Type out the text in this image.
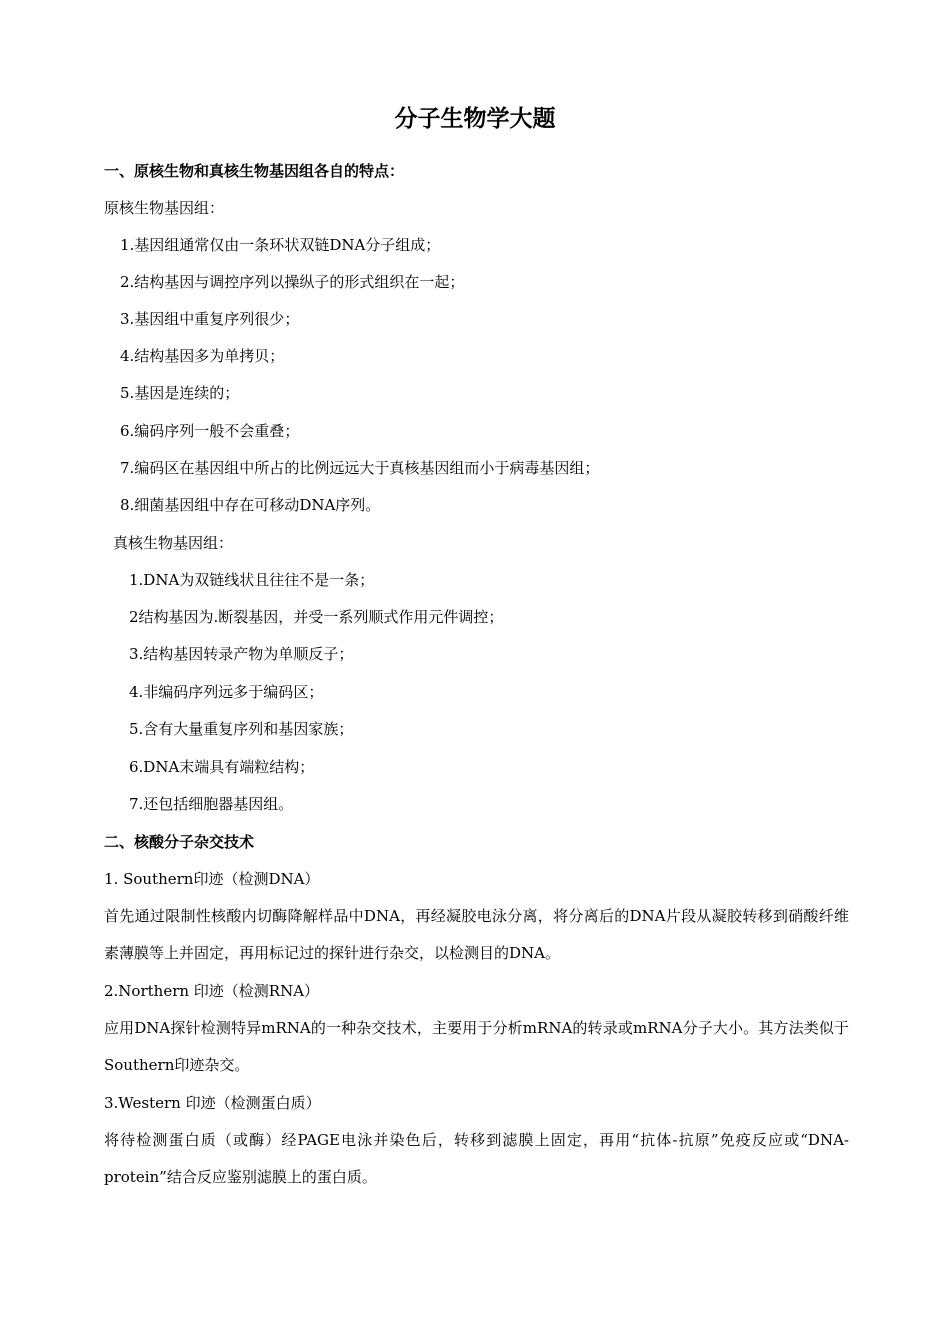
分子生物学大题
一、原核生物和真核生物基因组各自的特点：
原核生物基因组：
1.基因组通常仅由一条环状双链DNA分子组成；
2.结构基因与调控序列以操纵子的形式组织在一起；
3.基因组中重复序列很少；
4.结构基因多为单拷贝；
5.基因是连续的；
6.编码序列一般不会重叠；
7.编码区在基因组中所占的比例远远大于真核基因组而小于病毒基因组；
8.细菌基因组中存在可移动DNA序列。
真核生物基因组：
1.DNA为双链线状且往往不是一条；
2结构基因为.断裂基因，并受一系列顺式作用元件调控；
3.结构基因转录产物为单顺反子；
4.非编码序列远多于编码区；
5.含有大量重复序列和基因家族；
6.DNA末端具有端粒结构；
7.还包括细胞器基因组。
二、核酸分子杂交技术
1. Southern印迹（检测DNA）
首先通过限制性核酸内切酶降解样品中DNA，再经凝胶电泳分离，将分离后的DNA片段从凝胶转移到硝酸纤维素薄膜等上并固定，再用标记过的探针进行杂交，以检测目的DNA。
2.Northern 印迹（检测RNA）
应用DNA探针检测特异mRNA的一种杂交技术，主要用于分析mRNA的转录或mRNA分子大小。其方法类似于Southern印迹杂交。
3.Western 印迹（检测蛋白质）
将待检测蛋白质（或酶）经PAGE电泳并染色后，转移到滤膜上固定，再用“抗体-抗原”免疫反应或“DNA-protein”结合反应鉴别滤膜上的蛋白质。
